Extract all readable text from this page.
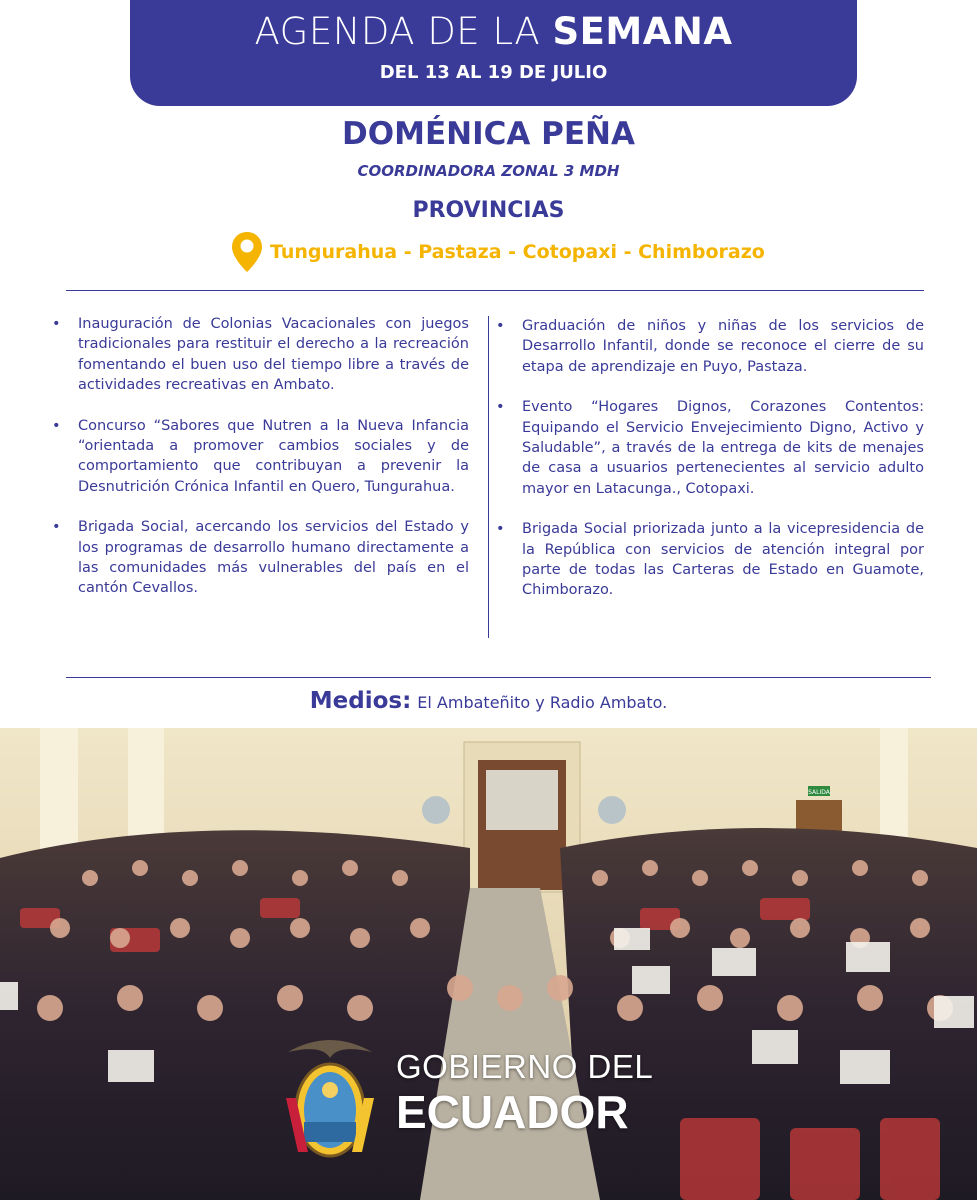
AGENDA DE LA SEMANA
DEL 13 AL 19 DE JULIO
DOMÉNICA PEÑA
COORDINADORA ZONAL 3 MDH
PROVINCIAS
Tungurahua - Pastaza - Cotopaxi - Chimborazo
• Inauguración de Colonias Vacacionales con juegos tradicionales para restituir el derecho a la recreación fomentando el buen uso del tiempo libre a través de actividades recreativas en Ambato.
• Concurso “Sabores que Nutren a la Nueva Infancia “orientada a promover cambios sociales y de comportamiento que contribuyan a prevenir la Desnutrición Crónica Infantil en Quero, Tungurahua.
• Brigada Social, acercando los servicios del Estado y los programas de desarrollo humano directamente a las comunidades más vulnerables del país en el cantón Cevallos.
• Graduación de niños y niñas de los servicios de Desarrollo Infantil, donde se reconoce el cierre de su etapa de aprendizaje en Puyo, Pastaza.
• Evento “Hogares Dignos, Corazones Contentos: Equipando el Servicio Envejecimiento Digno, Activo y Saludable”, a través de la entrega de kits de menajes de casa a usuarios pertenecientes al servicio adulto mayor en Latacunga., Cotopaxi.
• Brigada Social priorizada junto a la vicepresidencia de la República con servicios de atención integral por parte de todas las Carteras de Estado en Guamote, Chimborazo.
Medios: El Ambateñito y Radio Ambato.
SALIDA
GOBIERNO DEL
ECUADOR
